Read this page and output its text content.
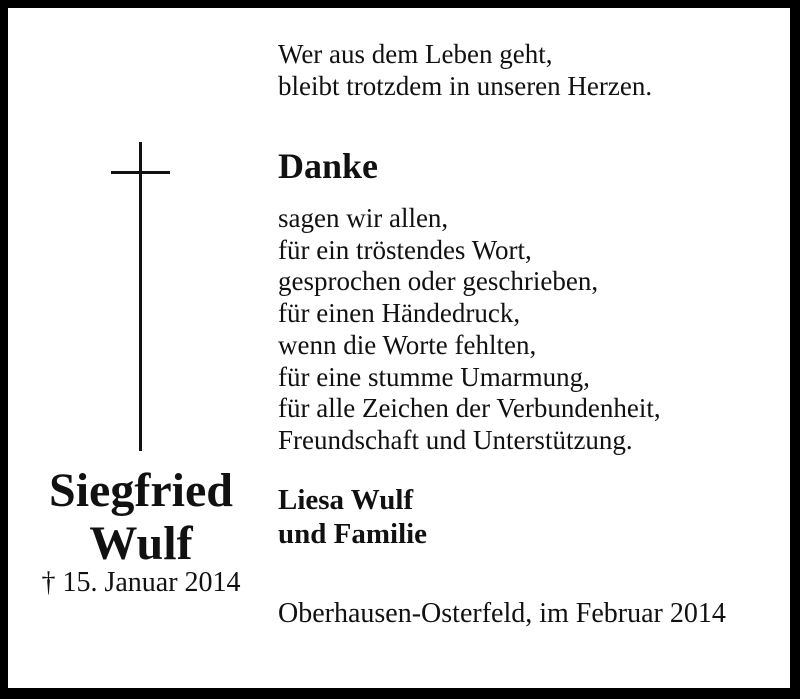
Wer aus dem Leben geht,
bleibt trotzdem in unseren Herzen.
Danke
sagen wir allen,
für ein tröstendes Wort,
gesprochen oder geschrieben,
für einen Händedruck,
wenn die Worte fehlten,
für eine stumme Umarmung,
für alle Zeichen der Verbundenheit,
Freundschaft und Unterstützung.
Siegfried
Wulf
† 15. Januar 2014
Liesa Wulf
und Familie
Oberhausen-Osterfeld, im Februar 2014
